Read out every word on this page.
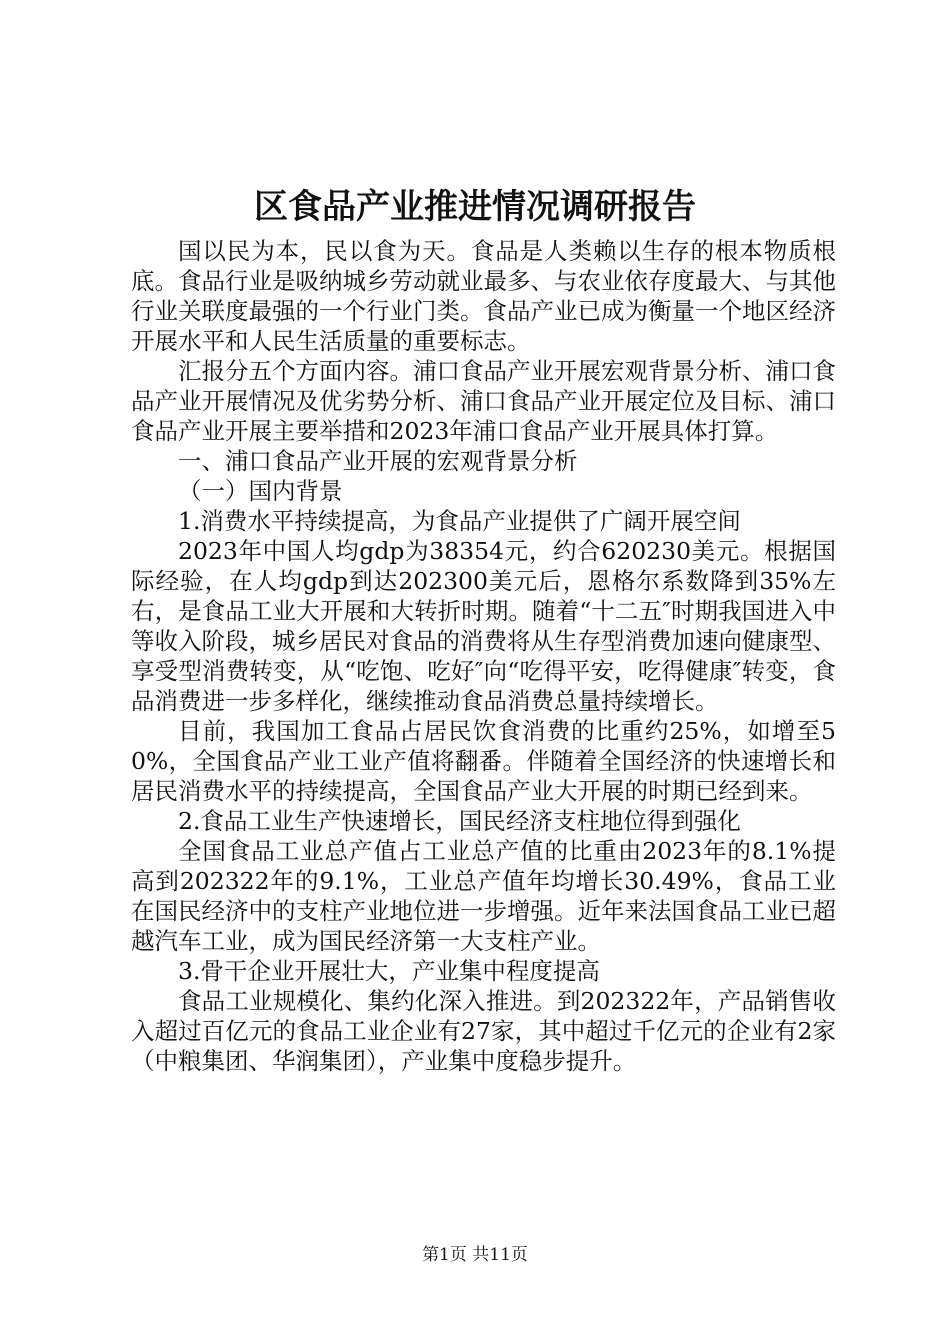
区食品产业推进情况调研报告

国以民为本，民以食为天。食品是人类赖以生存的根本物质根底。食品行业是吸纳城乡劳动就业最多、与农业依存度最大、与其他行业关联度最强的一个行业门类。食品产业已成为衡量一个地区经济开展水平和人民生活质量的重要标志。

汇报分五个方面内容。浦口食品产业开展宏观背景分析、浦口食品产业开展情况及优劣势分析、浦口食品产业开展定位及目标、浦口食品产业开展主要举措和2023年浦口食品产业开展具体打算。

一、浦口食品产业开展的宏观背景分析

（一）国内背景

1.消费水平持续提高，为食品产业提供了广阔开展空间

2023年中国人均gdp为38354元，约合620230美元。根据国际经验，在人均gdp到达202300美元后，恩格尔系数降到35%左右，是食品工业大开展和大转折时期。随着“十二五″时期我国进入中等收入阶段，城乡居民对食品的消费将从生存型消费加速向健康型、享受型消费转变，从“吃饱、吃好″向“吃得平安，吃得健康″转变，食品消费进一步多样化，继续推动食品消费总量持续增长。

目前，我国加工食品占居民饮食消费的比重约25%，如增至50%，全国食品产业工业产值将翻番。伴随着全国经济的快速增长和居民消费水平的持续提高，全国食品产业大开展的时期已经到来。

2.食品工业生产快速增长，国民经济支柱地位得到强化

全国食品工业总产值占工业总产值的比重由2023年的8.1%提高到202322年的9.1%，工业总产值年均增长30.49%，食品工业在国民经济中的支柱产业地位进一步增强。近年来法国食品工业已超越汽车工业，成为国民经济第一大支柱产业。

3.骨干企业开展壮大，产业集中程度提高

食品工业规模化、集约化深入推进。到202322年，产品销售收入超过百亿元的食品工业企业有27家，其中超过千亿元的企业有2家（中粮集团、华润集团），产业集中度稳步提升。

第1页 共11页
